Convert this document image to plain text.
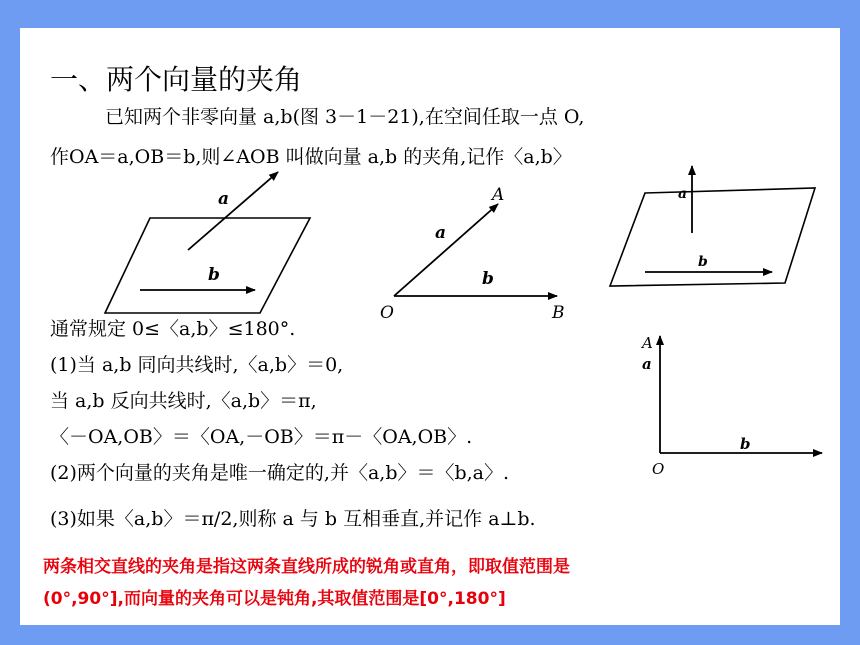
一、两个向量的夹角
已知两个非零向量 a,b(图 3－1－21),在空间任取一点 O,
作OA＝a,OB＝b,则∠AOB 叫做向量 a,b 的夹角,记作〈a,b〉
a
b
A
B
O
a
b
a
b
A
a
b
O
通常规定 0≤〈a,b〉≤180°.
(1)当 a,b 同向共线时,〈a,b〉＝0,
当 a,b 反向共线时,〈a,b〉＝π,
〈－OA,OB〉＝〈OA,－OB〉＝π－〈OA,OB〉.
(2)两个向量的夹角是唯一确定的,并〈a,b〉＝〈b,a〉.
(3)如果〈a,b〉＝π/2,则称 a 与 b 互相垂直,并记作 a⊥b.
两条相交直线的夹角是指这两条直线所成的锐角或直角，即取值范围是
(0°,90°],而向量的夹角可以是钝角,其取值范围是[0°,180°]
